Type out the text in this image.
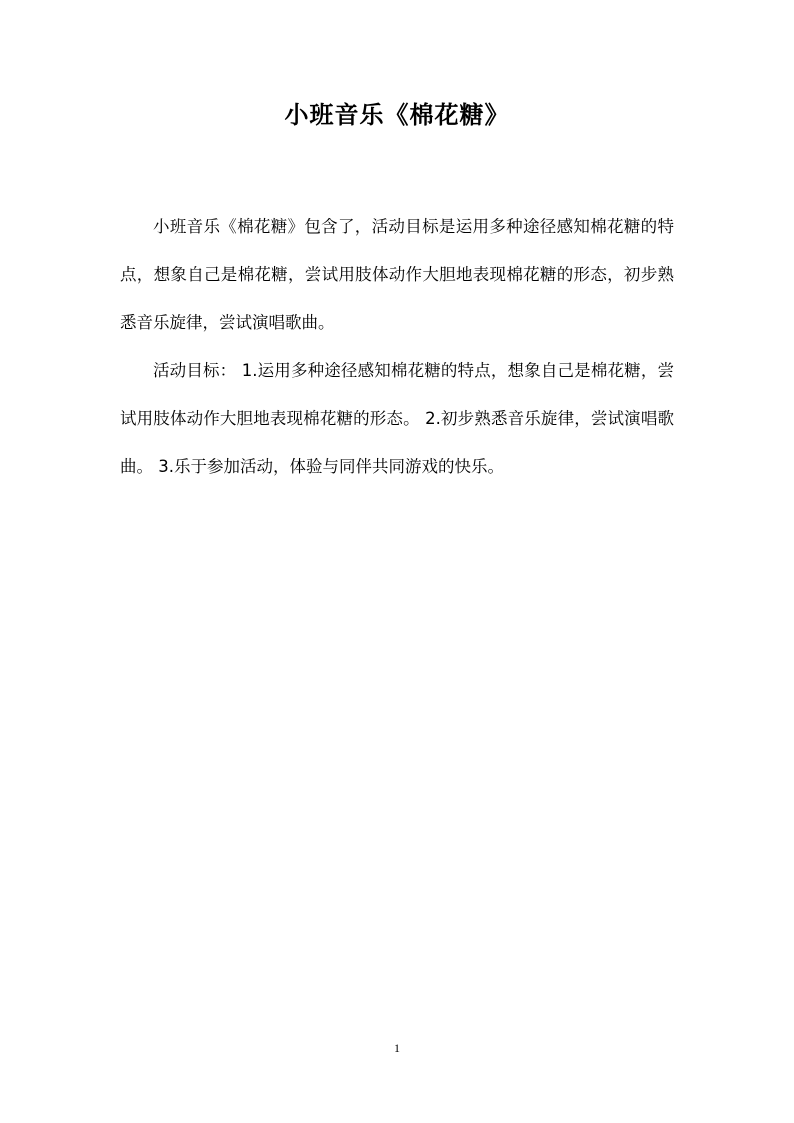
小班音乐《棉花糖》

小班音乐《棉花糖》包含了，活动目标是运用多种途径感知棉花糖的特点，想象自己是棉花糖，尝试用肢体动作大胆地表现棉花糖的形态，初步熟悉音乐旋律，尝试演唱歌曲。

活动目标： 1.运用多种途径感知棉花糖的特点，想象自己是棉花糖，尝试用肢体动作大胆地表现棉花糖的形态。 2.初步熟悉音乐旋律，尝试演唱歌曲。 3.乐于参加活动，体验与同伴共同游戏的快乐。

1
